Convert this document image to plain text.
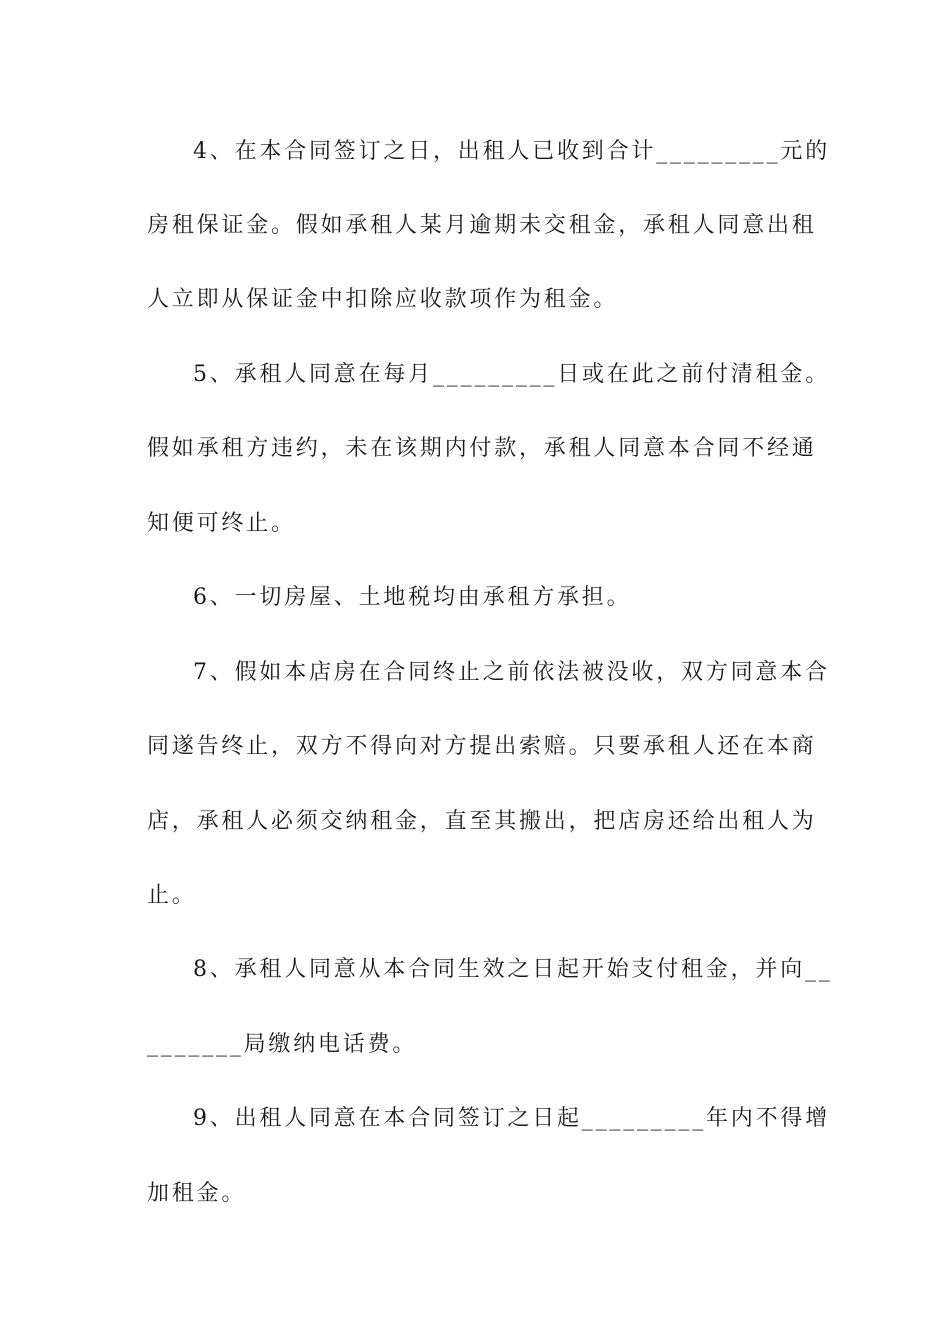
4、在本合同签订之日，出租人已收到合计_________元的
房租保证金。假如承租人某月逾期未交租金，承租人同意出租
人立即从保证金中扣除应收款项作为租金。
5、承租人同意在每月_________日或在此之前付清租金。
假如承租方违约，未在该期内付款，承租人同意本合同不经通
知便可终止。
6、一切房屋、土地税均由承租方承担。
7、假如本店房在合同终止之前依法被没收，双方同意本合
同遂告终止，双方不得向对方提出索赔。只要承租人还在本商
店，承租人必须交纳租金，直至其搬出，把店房还给出租人为
止。
8、承租人同意从本合同生效之日起开始支付租金，并向__
_______局缴纳电话费。
9、出租人同意在本合同签订之日起_________年内不得增
加租金。
